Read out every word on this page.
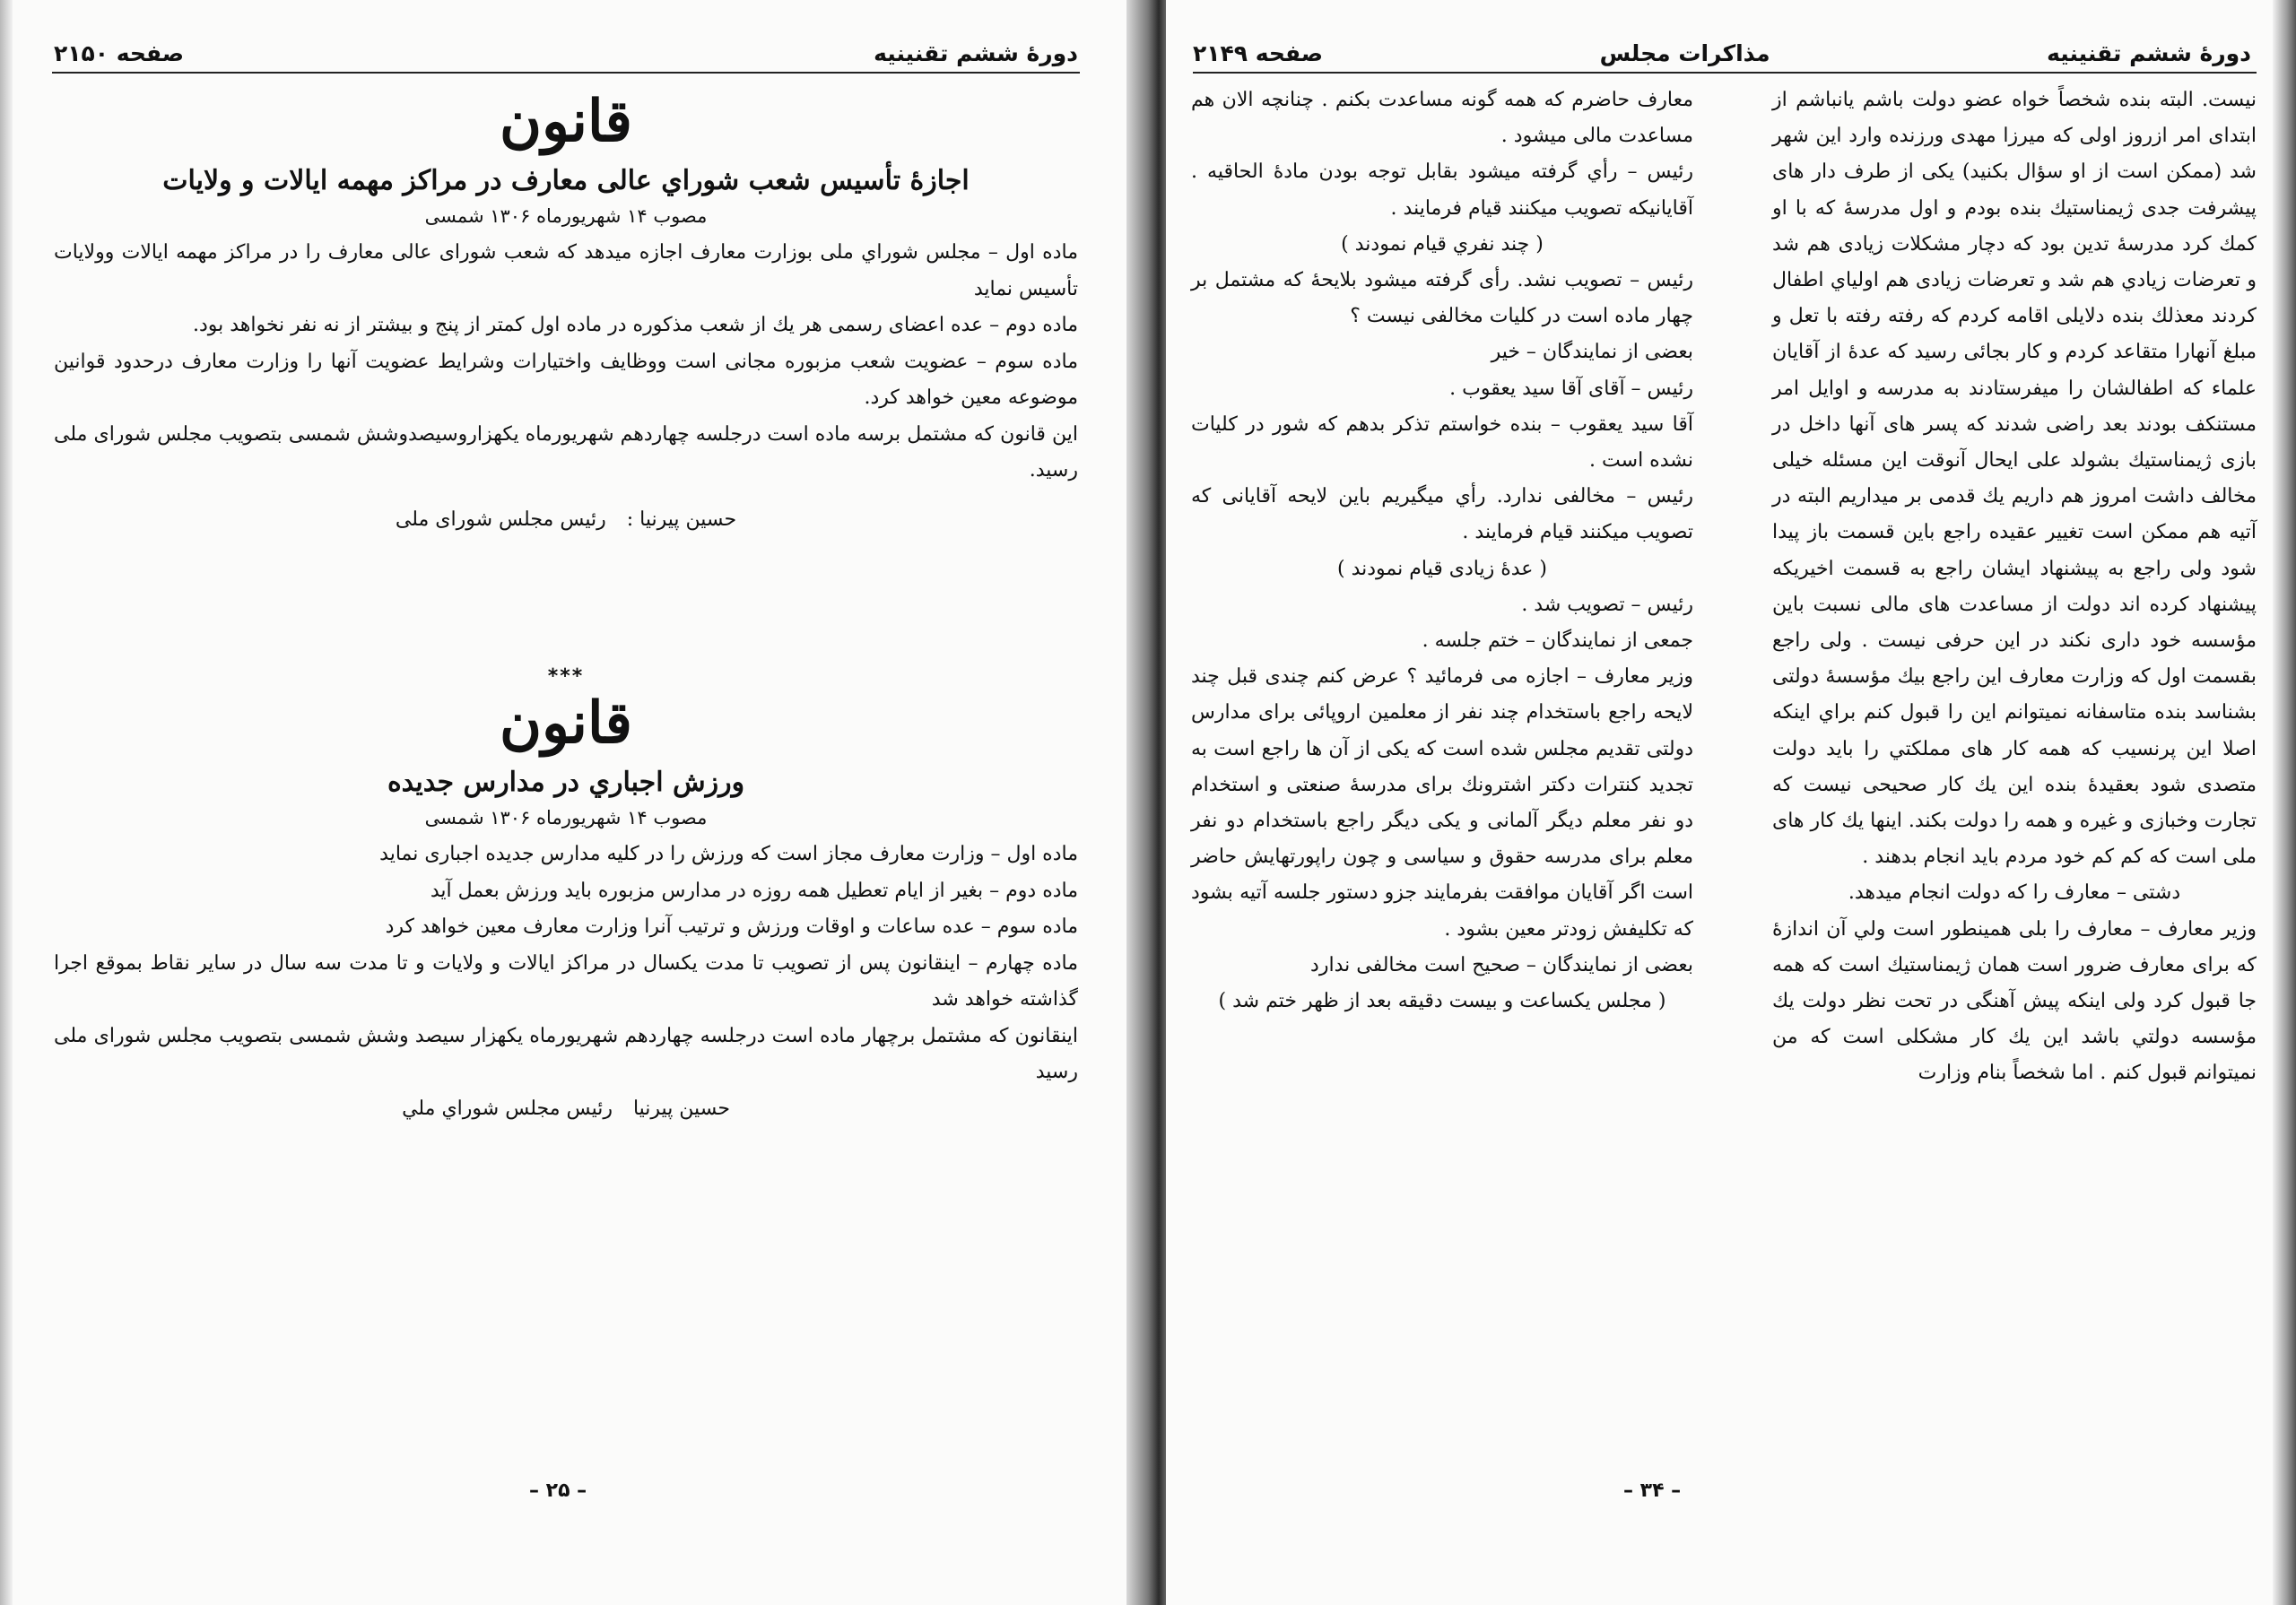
دورهٔ ششم تقنینیه
صفحه ۲۱۵۰
قانون
اجازهٔ تأسیس شعب شوراي عالی معارف در مراکز مهمه ایالات و ولایات
مصوب ۱۴ شهریورماه ۱۳۰۶ شمسی

ماده اول – مجلس شوراي ملی بوزارت معارف اجازه میدهد که شعب شورای عالی معارف را در مراکز مهمه ایالات وولایات تأسیس نماید

ماده دوم – عده اعضای رسمی هر یك از شعب مذکوره در ماده اول کمتر از پنج و بیشتر از نه نفر نخواهد بود.

ماده سوم – عضویت شعب مزبوره مجانی است ووظایف واختیارات وشرایط عضویت آنها را وزارت معارف درحدود قوانین موضوعه معین خواهد کرد.

این قانون که مشتمل برسه ماده است درجلسه چهاردهم شهریورماه یکهزاروسیصدوشش شمسی بتصویب مجلس شورای ملی رسید.

حسین پیرنیا : رئیس مجلس شورای ملی
***
قانون
ورزش اجباري در مدارس جدیده
مصوب ۱۴ شهریورماه ۱۳۰۶ شمسی

ماده اول – وزارت معارف مجاز است که ورزش را در کلیه مدارس جدیده اجباری نماید

ماده دوم – بغیر از ایام تعطیل همه روزه در مدارس مزبوره باید ورزش بعمل آید

ماده سوم – عده ساعات و اوقات ورزش و ترتیب آنرا وزارت معارف معین خواهد کرد

ماده چهارم – اینقانون پس از تصویب تا مدت یکسال در مراکز ایالات و ولایات و تا مدت سه سال در سایر نقاط بموقع اجرا گذاشته خواهد شد

اینقانون که مشتمل برچهار ماده است درجلسه چهاردهم شهریورماه یکهزار سیصد وشش شمسی بتصویب مجلس شورای ملی رسید

حسین پیرنیا رئیس مجلس شوراي ملي
– ۲۵ –
دورهٔ ششم تقنینیه
مذاکرات مجلس
صفحه ۲۱۴۹

نیست. البته بنده شخصاً خواه عضو دولت باشم یانباشم از ابتدای امر ازروز اولی که میرزا مهدی ورزنده وارد این شهر شد (ممکن است از او سؤال بکنید) یکی از طرف دار های پیشرفت جدی ژیمناستیك بنده بودم و اول مدرسهٔ که با او کمك کرد مدرسهٔ تدین بود که دچار مشکلات زیادی هم شد و تعرضات زیادي هم شد و تعرضات زیادی هم اولیاي اطفال کردند معذلك بنده دلایلی اقامه کردم که رفته رفته با تعل و مبلغ آنهارا متقاعد کردم و کار بجائی رسید که عدهٔ از آقایان علماء که اطفالشان را میفرستادند به مدرسه و اوایل امر مستنکف بودند بعد راضی شدند که پسر های آنها داخل در بازی ژیمناستیك بشولد علی ایحال آنوقت این مسئله خیلی مخالف داشت امروز هم داریم یك قدمی بر میداریم البته در آتیه هم ممکن است تغییر عقیده راجع باین قسمت باز پیدا شود ولی راجع به پیشنهاد ایشان راجع به قسمت اخیریکه پیشنهاد کرده اند دولت از مساعدت های مالی نسبت باین مؤسسه خود داری نکند در این حرفی نیست . ولی راجع بقسمت اول که وزارت معارف این راجع بیك مؤسسهٔ دولتی بشناسد بنده متاسفانه نمیتوانم این را قبول کنم براي اینکه اصلا این پرنسیب که همه کار های مملکتي را باید دولت متصدی شود بعقیدهٔ بنده این یك کار صحیحی نیست که تجارت وخبازی و غیره و همه را دولت بکند. اینها یك کار های ملی است که کم کم خود مردم باید انجام بدهند .

دشتی – معارف را که دولت انجام میدهد.

وزیر معارف – معارف را بلی همینطور است ولي آن اندازهٔ که برای معارف ضرور است همان ژیمناستیك است که همه جا قبول کرد ولی اینکه پیش آهنگی در تحت نظر دولت یك مؤسسه دولتي باشد این یك کار مشکلی است که من نمیتوانم قبول کنم . اما شخصاً بنام وزارت

معارف حاضرم که همه گونه مساعدت بکنم . چنانچه الان هم مساعدت مالی میشود .

رئیس – رأي گرفته میشود بقابل توجه بودن مادهٔ الحاقیه . آقایانیکه تصویب میکنند قیام فرمایند .

( چند نفري قیام نمودند )

رئیس – تصویب نشد. رأی گرفته میشود بلایحهٔ که مشتمل بر چهار ماده است در کلیات مخالفی نیست ؟

بعضی از نمایندگان – خیر

رئیس – آقای آقا سید یعقوب .

آقا سید یعقوب – بنده خواستم تذکر بدهم که شور در کلیات نشده است .

رئیس – مخالفی ندارد. رأي میگیریم باین لایحه آقایانی که تصویب میکنند قیام فرمایند .

( عدهٔ زیادی قیام نمودند )

رئیس – تصویب شد .

جمعی از نمایندگان – ختم جلسه .

وزیر معارف – اجازه می فرمائید ؟ عرض کنم چندی قبل چند لایحه راجع باستخدام چند نفر از معلمین اروپائی برای مدارس دولتی تقدیم مجلس شده است که یکی از آن ها راجع است به تجدید کنترات دکتر اشترونك برای مدرسهٔ صنعتی و استخدام دو نفر معلم دیگر آلمانی و یکی دیگر راجع باستخدام دو نفر معلم برای مدرسه حقوق و سیاسی و چون راپورتهایش حاضر است اگر آقایان موافقت بفرمایند جزو دستور جلسه آتیه بشود که تکلیفش زودتر معین بشود .

بعضی از نمایندگان – صحیح است مخالفی ندارد

( مجلس یکساعت و بیست دقیقه بعد از ظهر ختم شد )

– ۳۴ –
